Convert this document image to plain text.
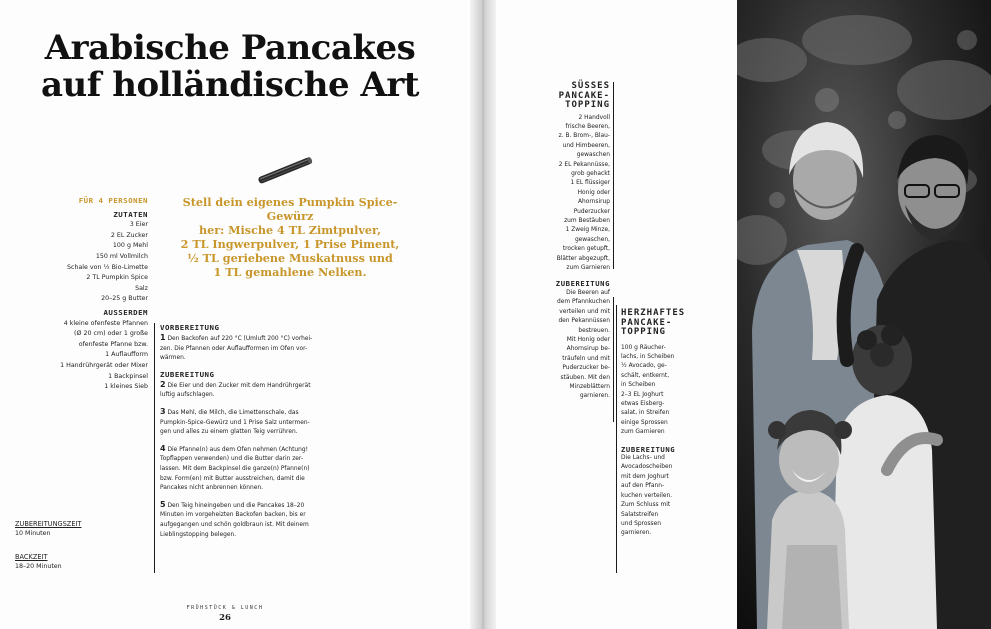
Arabische Pancakes
auf holländische Art
Stell dein eigenes Pumpkin Spice-Gewürz
her: Mische 4 TL Zimtpulver,
2 TL Ingwerpulver, 1 Prise Piment,
½ TL geriebene Muskatnuss und
1 TL gemahlene Nelken.
FÜR 4 PERSONEN
ZUTATEN
3 Eier
2 EL Zucker
100 g Mehl
150 ml Vollmilch
Schale von ½ Bio-Limette
2 TL Pumpkin Spice
Salz
20–25 g Butter
AUSSERDEM
4 kleine ofenfeste Pfannen
(Ø 20 cm) oder 1 große
ofenfeste Pfanne bzw.
1 Auflaufform
1 Handrührgerät oder Mixer
1 Backpinsel
1 kleines Sieb
VORBEREITUNG

1 Den Backofen auf 220 °C (Umluft 200 °C) vorhei-
zen. Die Pfannen oder Auflaufformen im Ofen vor-
wärmen.

ZUBEREITUNG

2 Die Eier und den Zucker mit dem Handrührgerät
luftig aufschlagen.

3 Das Mehl, die Milch, die Limettenschale, das
Pumpkin-Spice-Gewürz und 1 Prise Salz untermen-
gen und alles zu einem glatten Teig verrühren.

4 Die Pfanne(n) aus dem Ofen nehmen (Achtung!
Topflappen verwenden) und die Butter darin zer-
lassen. Mit dem Backpinsel die ganze(n) Pfanne(n)
bzw. Form(en) mit Butter ausstreichen, damit die
Pancakes nicht anbrennen können.

5 Den Teig hineingeben und die Pancakes 18–20
Minuten im vorgeheizten Backofen backen, bis er
aufgegangen und schön goldbraun ist. Mit deinem
Lieblingstopping belegen.

ZUBEREITUNGSZEIT
10 Minuten
BACKZEIT
18–20 Minuten
FRÜHSTÜCK & LUNCH
26
SÜSSES
PANCAKE-
TOPPING
2 Handvoll
frische Beeren,
z. B. Brom-, Blau-
und Himbeeren,
gewaschen
2 EL Pekannüsse,
grob gehackt
1 EL flüssiger
Honig oder
Ahornsirup
Puderzucker
zum Bestäuben
1 Zweig Minze,
gewaschen,
trocken getupft,
Blätter abgezupft,
zum Garnieren
ZUBEREITUNG
Die Beeren auf
dem Pfannkuchen
verteilen und mit
den Pekannüssen
bestreuen.
Mit Honig oder
Ahornsirup be-
träufeln und mit
Puderzucker be-
stäuben. Mit den
Minzeblättern
garnieren.
HERZHAFTES
PANCAKE-
TOPPING
100 g Räucher-
lachs, in Scheiben
½ Avocado, ge-
schält, entkernt,
in Scheiben
2–3 EL Joghurt
etwas Eisberg-
salat, in Streifen
einige Sprossen
zum Garnieren
ZUBEREITUNG
Die Lachs- und
Avocadoscheiben
mit dem Joghurt
auf den Pfann-
kuchen verteilen.
Zum Schluss mit
Salatstreifen
und Sprossen
garnieren.
